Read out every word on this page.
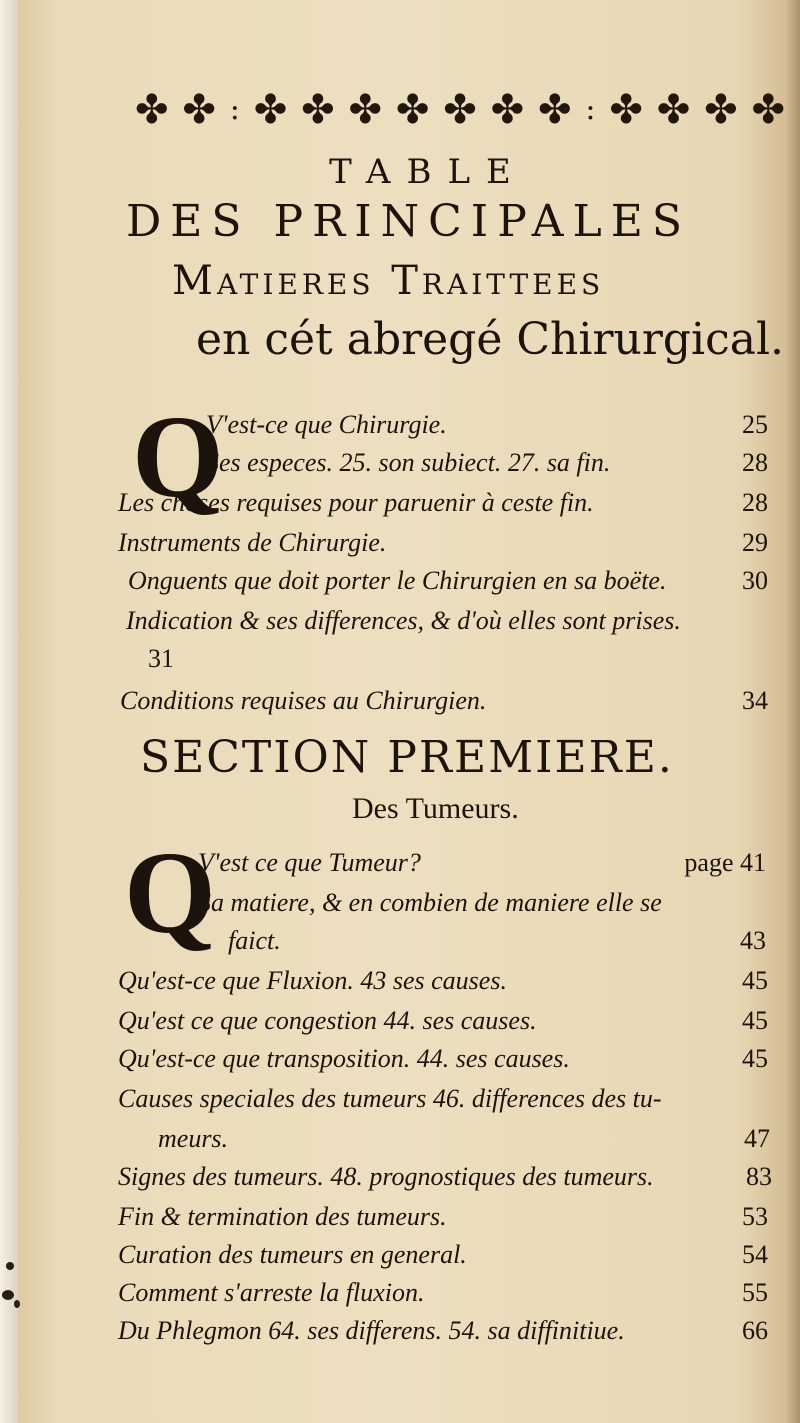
✤ ✤ : ✤ ✤ ✤ ✤ ✤ ✤ ✤ : ✤ ✤ ✤ ✤
TABLE
DES PRINCIPALES
Matieres Traittees
en cét abregé Chirurgical.
Q
V'est-ce que Chirurgie.	25
Ses especes. 25. son subiect. 27. sa fin.	28
Les choses requises pour paruenir à ceste fin.	28
Instruments de Chirurgie.	29
Onguents que doit porter le Chirurgien en sa boëte.	30
Indication & ses differences, & d'où elles sont prises.
31
Conditions requises au Chirurgien.	34
SECTION PREMIERE.
Des Tumeurs.
Q
V'est ce que Tumeur?	page 41
Sa matiere, & en combien de maniere elle se
faict.	43
Qu'est-ce que Fluxion. 43 ses causes.	45
Qu'est ce que congestion 44. ses causes.	45
Qu'est-ce que transposition. 44. ses causes.	45
Causes speciales des tumeurs 46. differences des tu-
meurs.	47
Signes des tumeurs. 48. prognostiques des tumeurs.	83
Fin & termination des tumeurs.	53
Curation des tumeurs en general.	54
Comment s'arreste la fluxion.	55
Du Phlegmon 64. ses differens. 54. sa diffinitiue.	66
